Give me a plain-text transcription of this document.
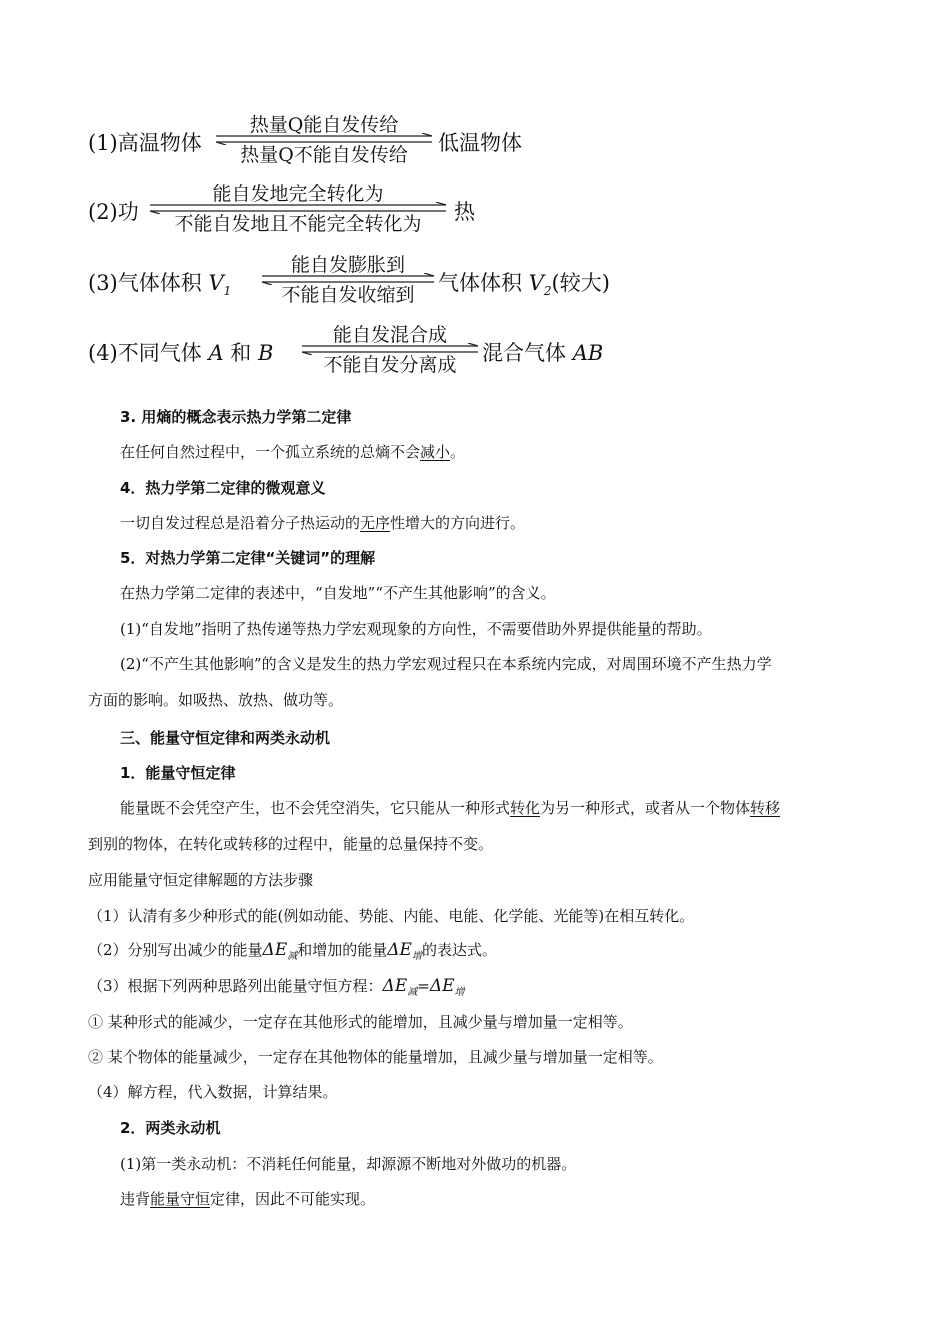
(1)高温物体
热量Q能自发传给
热量Q不能自发传给	低温物体
(2)功
能自发地完全转化为
不能自发地且不能完全转化为	热
(3)气体体积 $V_1$
能自发膨胀到
不能自发收缩到	气体体积 $V_2$(较大)
(4)不同气体 A 和 B
能自发混合成
不能自发分离成	混合气体 AB
3. 用熵的概念表示热力学第二定律
在任何自然过程中，一个孤立系统的总熵不会减小。
4．热力学第二定律的微观意义
一切自发过程总是沿着分子热运动的无序性增大的方向进行。
5．对热力学第二定律“关键词”的理解
在热力学第二定律的表述中，“自发地”“不产生其他影响”的含义。
(1)“自发地”指明了热传递等热力学宏观现象的方向性，不需要借助外界提供能量的帮助。
(2)“不产生其他影响”的含义是发生的热力学宏观过程只在本系统内完成，对周围环境不产生热力学
方面的影响。如吸热、放热、做功等。
三、能量守恒定律和两类永动机
1．能量守恒定律
能量既不会凭空产生，也不会凭空消失，它只能从一种形式转化为另一种形式，或者从一个物体转移
到别的物体，在转化或转移的过程中，能量的总量保持不变。
应用能量守恒定律解题的方法步骤
（1）认清有多少种形式的能(例如动能、势能、内能、电能、化学能、光能等)在相互转化。
（2）分别写出减少的能量$\Delta E_减$和增加的能量$\Delta E_增$的表达式。
（3）根据下列两种思路列出能量守恒方程：$\Delta E_减=\Delta E_增$
① 某种形式的能减少，一定存在其他形式的能增加，且减少量与增加量一定相等。
② 某个物体的能量减少，一定存在其他物体的能量增加，且减少量与增加量一定相等。
（4）解方程，代入数据，计算结果。
2．两类永动机
(1)第一类永动机：不消耗任何能量，却源源不断地对外做功的机器。
违背能量守恒定律，因此不可能实现。
